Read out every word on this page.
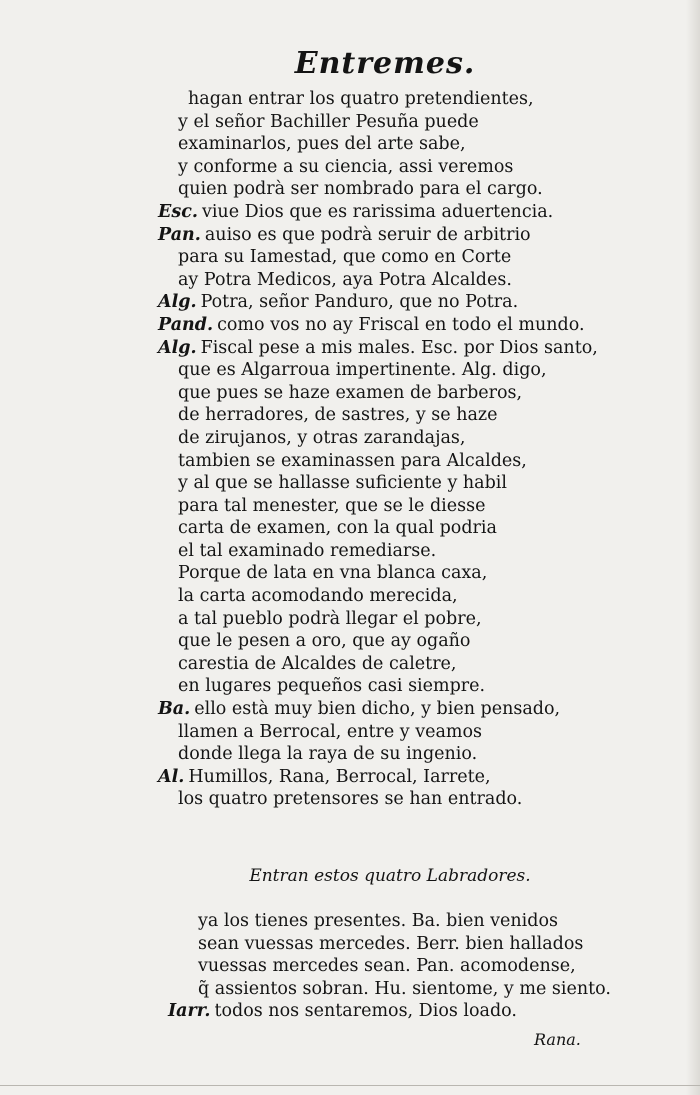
Entremes.
hagan entrar los quatro pretendientes,
y el señor Bachiller Pesuña puede
examinarlos, pues del arte sabe,
y conforme a su ciencia, assi veremos
quien podrà ser nombrado para el cargo.
Esc. viue Dios que es rarissima aduertencia.
Pan. auiso es que podrà seruir de arbitrio
para su Iamestad, que como en Corte
ay Potra Medicos, aya Potra Alcaldes.
Alg. Potra, señor Panduro, que no Potra.
Pand. como vos no ay Friscal en todo el mundo.
Alg. Fiscal pese a mis males. Esc. por Dios santo,
que es Algarroua impertinente. Alg. digo,
que pues se haze examen de barberos,
de herradores, de sastres, y se haze
de zirujanos, y otras zarandajas,
tambien se examinassen para Alcaldes,
y al que se hallasse suficiente y habil
para tal menester, que se le diesse
carta de examen, con la qual podria
el tal examinado remediarse.
Porque de lata en vna blanca caxa,
la carta acomodando merecida,
a tal pueblo podrà llegar el pobre,
que le pesen a oro, que ay ogaño
carestia de Alcaldes de caletre,
en lugares pequeños casi siempre.
Ba. ello està muy bien dicho, y bien pensado,
llamen a Berrocal, entre y veamos
donde llega la raya de su ingenio.
Al. Humillos, Rana, Berrocal, Iarrete,
los quatro pretensores se han entrado.
Entran estos quatro Labradores.
ya los tienes presentes. Ba. bien venidos
sean vuessas mercedes. Berr. bien hallados
vuessas mercedes sean. Pan. acomodense,
q̃ assientos sobran. Hu. sientome, y me siento.
Iarr. todos nos sentaremos, Dios loado.
Rana.
